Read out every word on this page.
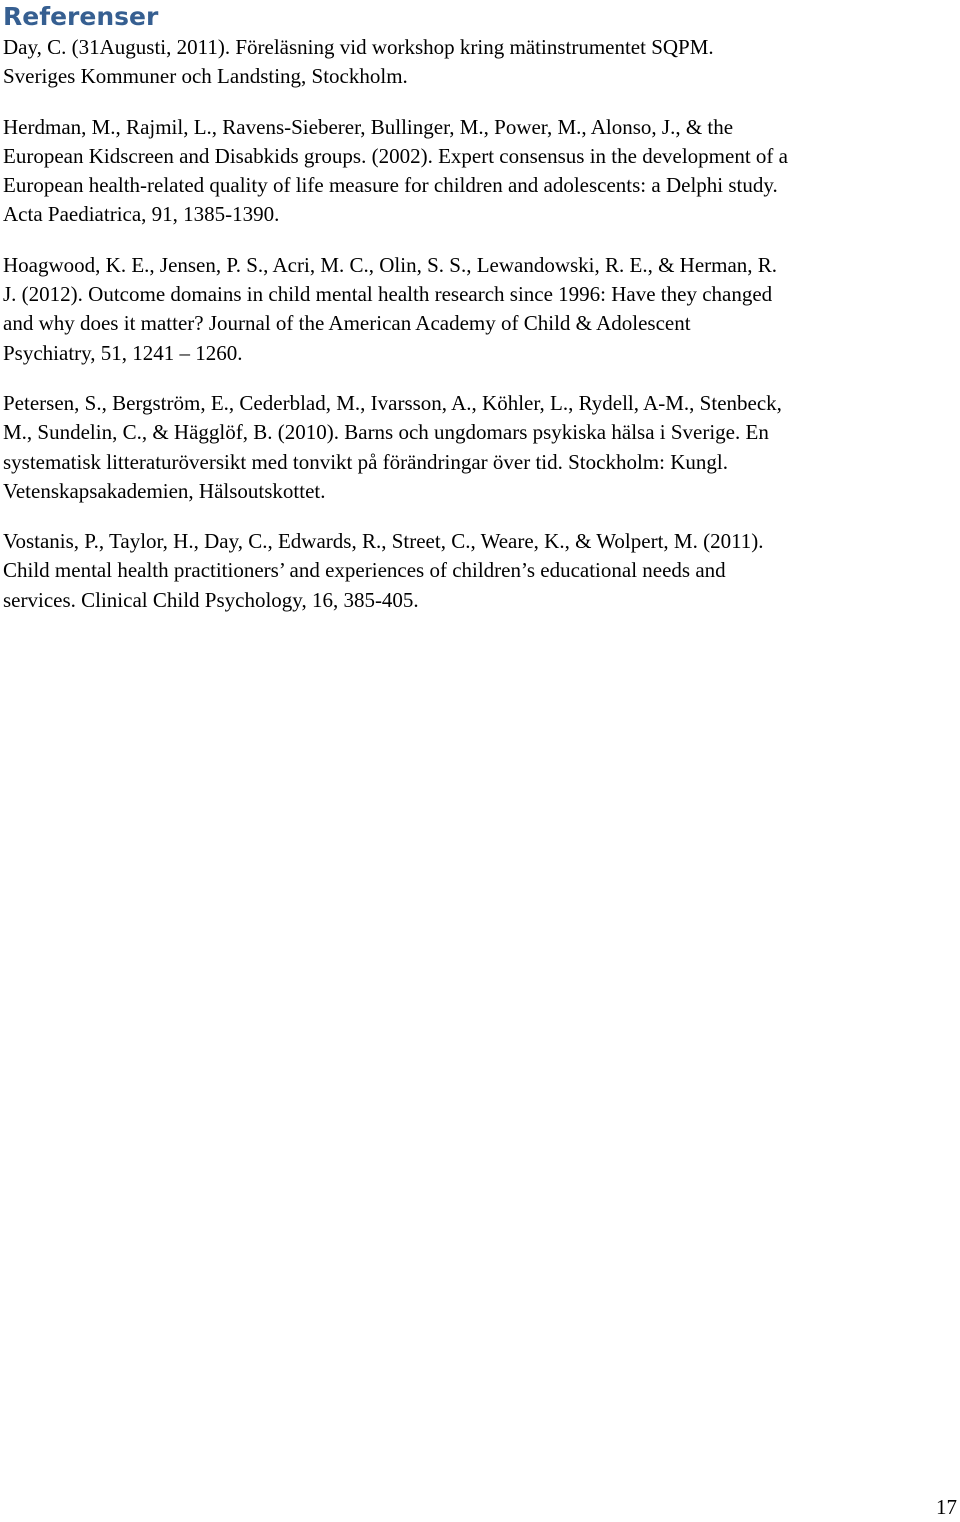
Referenser

Day, C. (31Augusti, 2011). Föreläsning vid workshop kring mätinstrumentet SQPM.
Sveriges Kommuner och Landsting, Stockholm.

Herdman, M., Rajmil, L., Ravens-Sieberer, Bullinger, M., Power, M., Alonso, J., & the
European Kidscreen and Disabkids groups. (2002). Expert consensus in the development of a
European health-related quality of life measure for children and adolescents: a Delphi study.
Acta Paediatrica, 91, 1385-1390.

Hoagwood, K. E., Jensen, P. S., Acri, M. C., Olin, S. S., Lewandowski, R. E., & Herman, R.
J. (2012). Outcome domains in child mental health research since 1996: Have they changed
and why does it matter? Journal of the American Academy of Child & Adolescent
Psychiatry, 51, 1241 – 1260.

Petersen, S., Bergström, E., Cederblad, M., Ivarsson, A., Köhler, L., Rydell, A-M., Stenbeck,
M., Sundelin, C., & Hägglöf, B. (2010). Barns och ungdomars psykiska hälsa i Sverige. En
systematisk litteraturöversikt med tonvikt på förändringar över tid. Stockholm: Kungl.
Vetenskapsakademien, Hälsoutskottet.

Vostanis, P., Taylor, H., Day, C., Edwards, R., Street, C., Weare, K., & Wolpert, M. (2011).
Child mental health practitioners’ and experiences of children’s educational needs and
services. Clinical Child Psychology, 16, 385-405.

17
